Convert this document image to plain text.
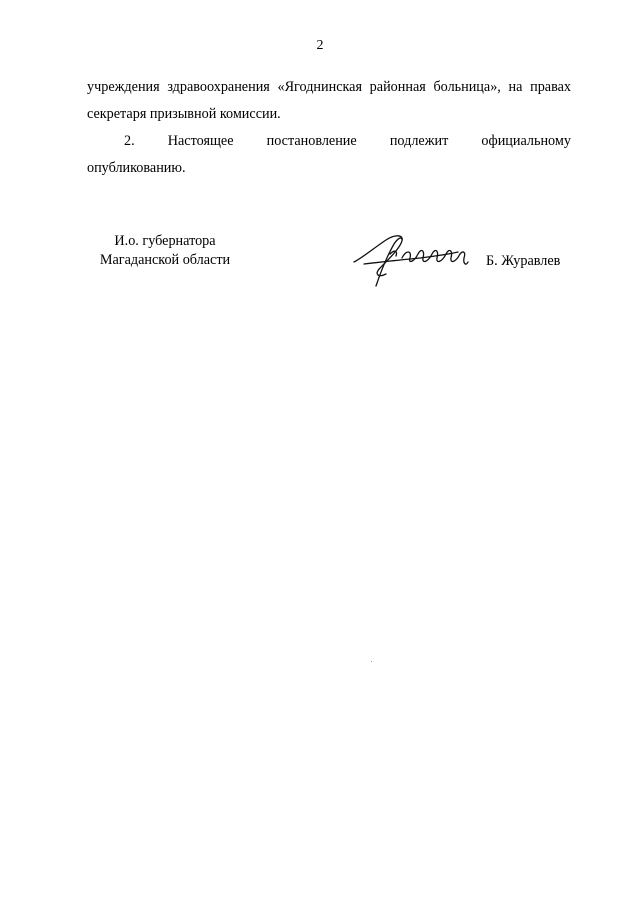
2
учреждения здравоохранения «Ягоднинская районная больница», на правах
секретаря призывной комиссии.
2. Настоящее постановление подлежит официальному
опубликованию.
И.о. губернатора
Магаданской области	Б. Журавлев
